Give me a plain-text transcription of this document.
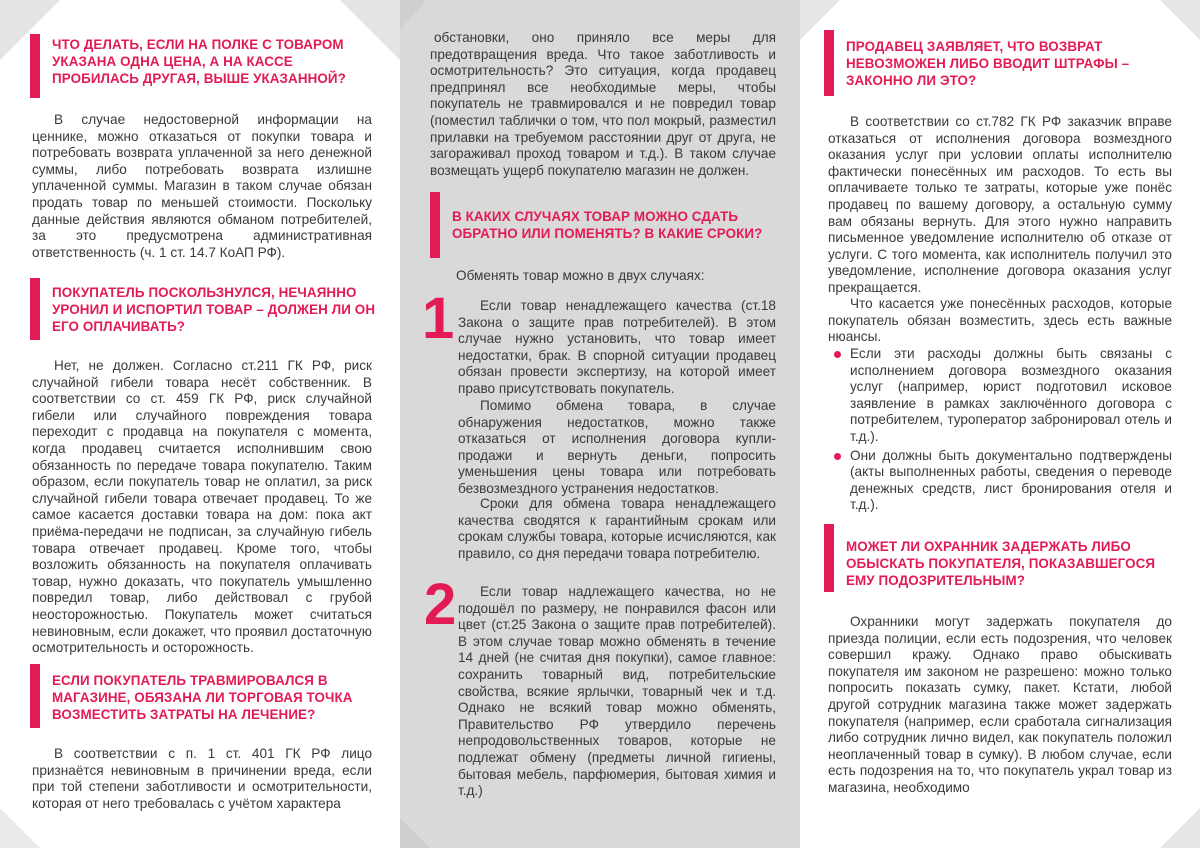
ЧТО ДЕЛАТЬ, ЕСЛИ НА ПОЛКЕ С ТОВАРОМ УКАЗАНА ОДНА ЦЕНА, А НА КАССЕ ПРОБИЛАСЬ ДРУГАЯ, ВЫШЕ УКАЗАННОЙ?

В случае недостоверной информации на ценнике, можно отказаться от покупки товара и потребовать возврата уплаченной за него денежной суммы, либо потребовать возврата излишне уплаченной суммы. Магазин в таком случае обязан продать товар по меньшей стоимости. Поскольку данные действия являются обманом потребителей, за это предусмотрена административная ответственность (ч. 1 ст. 14.7 КоАП РФ).

ПОКУПАТЕЛЬ ПОСКОЛЬЗНУЛСЯ, НЕЧАЯННО УРОНИЛ И ИСПОРТИЛ ТОВАР – ДОЛЖЕН ЛИ ОН ЕГО ОПЛАЧИВАТЬ?

Нет, не должен. Согласно ст.211 ГК РФ, риск случайной гибели товара несёт собственник. В соответствии со ст. 459 ГК РФ, риск случайной гибели или случайного повреждения товара переходит с продавца на покупателя с момента, когда продавец считается исполнившим свою обязанность по передаче товара покупателю. Таким образом, если покупатель товар не оплатил, за риск случайной гибели товара отвечает продавец. То же самое касается доставки товара на дом: пока акт приёма-передачи не подписан, за случайную гибель товара отвечает продавец. Кроме того, чтобы возложить обязанность на покупателя оплачивать товар, нужно доказать, что покупатель умышленно повредил товар, либо действовал с грубой неосторожностью. Покупатель может считаться невиновным, если докажет, что проявил достаточную осмотрительность и осторожность.

ЕСЛИ ПОКУПАТЕЛЬ ТРАВМИРОВАЛСЯ В МАГАЗИНЕ, ОБЯЗАНА ЛИ ТОРГОВАЯ ТОЧКА ВОЗМЕСТИТЬ ЗАТРАТЫ НА ЛЕЧЕНИЕ?

В соответствии с п. 1 ст. 401 ГК РФ лицо признаётся невиновным в причинении вреда, если при той степени заботливости и осмотрительности, которая от него требовалась с учётом характера

обстановки, оно приняло все меры для предотвращения вреда. Что такое заботливость и осмотрительность? Это ситуация, когда продавец предпринял все необходимые меры, чтобы покупатель не травмировался и не повредил товар (поместил таблички о том, что пол мокрый, разместил прилавки на требуемом расстоянии друг от друга, не загораживал проход товаром и т.д.). В таком случае возмещать ущерб покупателю магазин не должен.

В КАКИХ СЛУЧАЯХ ТОВАР МОЖНО СДАТЬ ОБРАТНО ИЛИ ПОМЕНЯТЬ? В КАКИЕ СРОКИ?

Обменять товар можно в двух случаях:

1	Если товар ненадлежащего качества (ст.18 Закона о защите прав потребителей). В этом случае нужно установить, что товар имеет недостатки, брак. В спорной ситуации продавец обязан провести экспертизу, на которой имеет право присутствовать покупатель.

Помимо обмена товара, в случае обнаружения недостатков, можно также отказаться от исполнения договора купли-продажи и вернуть деньги, попросить уменьшения цены товара или потребовать безвозмездного устранения недостатков.

Сроки для обмена товара ненадлежащего качества сводятся к гарантийным срокам или срокам службы товара, которые исчисляются, как правило, со дня передачи товара потребителю.

2	Если товар надлежащего качества, но не подошёл по размеру, не понравился фасон или цвет (ст.25 Закона о защите прав потребителей). В этом случае товар можно обменять в течение 14 дней (не считая дня покупки), самое главное: сохранить товарный вид, потребительские свойства, всякие ярлычки, товарный чек и т.д. Однако не всякий товар можно обменять, Правительство РФ утвердило перечень непродовольственных товаров, которые не подлежат обмену (предметы личной гигиены, бытовая мебель, парфюмерия, бытовая химия и т.д.)

ПРОДАВЕЦ ЗАЯВЛЯЕТ, ЧТО ВОЗВРАТ НЕВОЗМОЖЕН ЛИБО ВВОДИТ ШТРАФЫ – ЗАКОННО ЛИ ЭТО?

В соответствии со ст.782 ГК РФ заказчик вправе отказаться от исполнения договора возмездного оказания услуг при условии оплаты исполнителю фактически понесённых им расходов. То есть вы оплачиваете только те затраты, которые уже понёс продавец по вашему договору, а остальную сумму вам обязаны вернуть. Для этого нужно направить письменное уведомление исполнителю об отказе от услуги. С того момента, как исполнитель получил это уведомление, исполнение договора оказания услуг прекращается.

Что касается уже понесённых расходов, которые покупатель обязан возместить, здесь есть важные нюансы.

Если эти расходы должны быть связаны с исполнением договора возмездного оказания услуг (например, юрист подготовил исковое заявление в рамках заключённого договора с потребителем, туроператор забронировал отель и т.д.).
Они должны быть документально подтверждены (акты выполненных работы, сведения о переводе денежных средств, лист бронирования отеля и т.д.).
МОЖЕТ ЛИ ОХРАННИК ЗАДЕРЖАТЬ ЛИБО ОБЫСКАТЬ ПОКУПАТЕЛЯ, ПОКАЗАВШЕГОСЯ ЕМУ ПОДОЗРИТЕЛЬНЫМ?

Охранники могут задержать покупателя до приезда полиции, если есть подозрения, что человек совершил кражу. Однако право обыскивать покупателя им законом не разрешено: можно только попросить показать сумку, пакет. Кстати, любой другой сотрудник магазина также может задержать покупателя (например, если сработала сигнализация либо сотрудник лично видел, как покупатель положил неоплаченный товар в сумку). В любом случае, если есть подозрения на то, что покупатель украл товар из магазина, необходимо
